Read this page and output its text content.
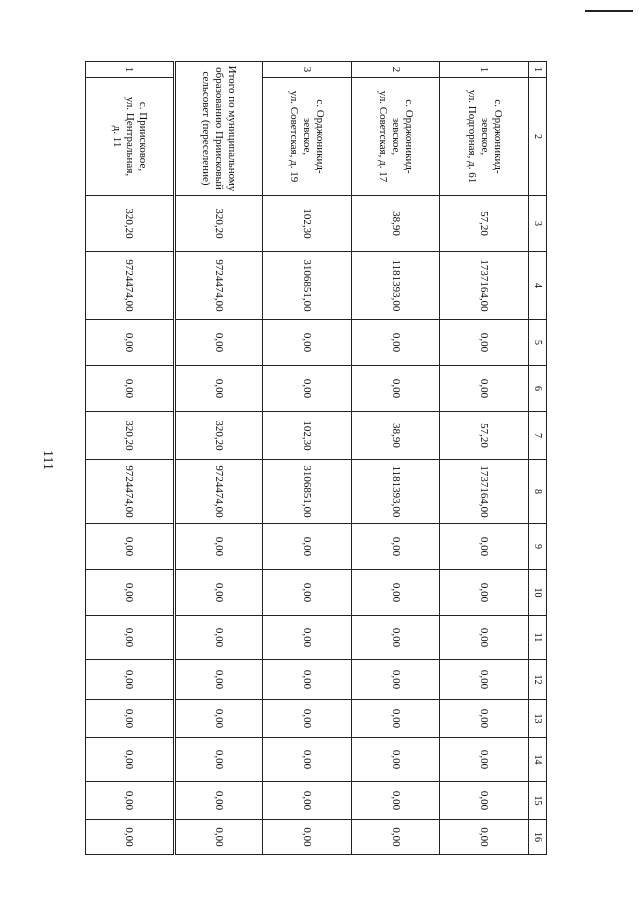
111
1	2	3	4	5	6	7	8	9	10	11	12	13	14	15	16
1	с. Орджоникид-
зевское,
ул. Подгорная, д. 61	57,20	1737164,00	0,00	0,00	57,20	1737164,00	0,00	0,00	0,00	0,00	0,00	0,00	0,00	0,00
2	с. Орджоникид-
зевское,
ул. Советская, д. 17	38,90	1181393,00	0,00	0,00	38,90	1181393,00	0,00	0,00	0,00	0,00	0,00	0,00	0,00	0,00
3	с. Орджоникид-
зевское,
ул. Советская, д. 19	102,30	3106851,00	0,00	0,00	102,30	3106851,00	0,00	0,00	0,00	0,00	0,00	0,00	0,00	0,00
Итого по муниципальному образованию Приисковый сельсовет (переселение)		320,20	9724474,00	0,00	0,00	320,20	9724474,00	0,00	0,00	0,00	0,00	0,00	0,00	0,00	0,00
1	с. Приисковое,
ул. Центральная,
д. 11	320,20	9724474,00	0,00	0,00	320,20	9724474,00	0,00	0,00	0,00	0,00	0,00	0,00	0,00	0,00
